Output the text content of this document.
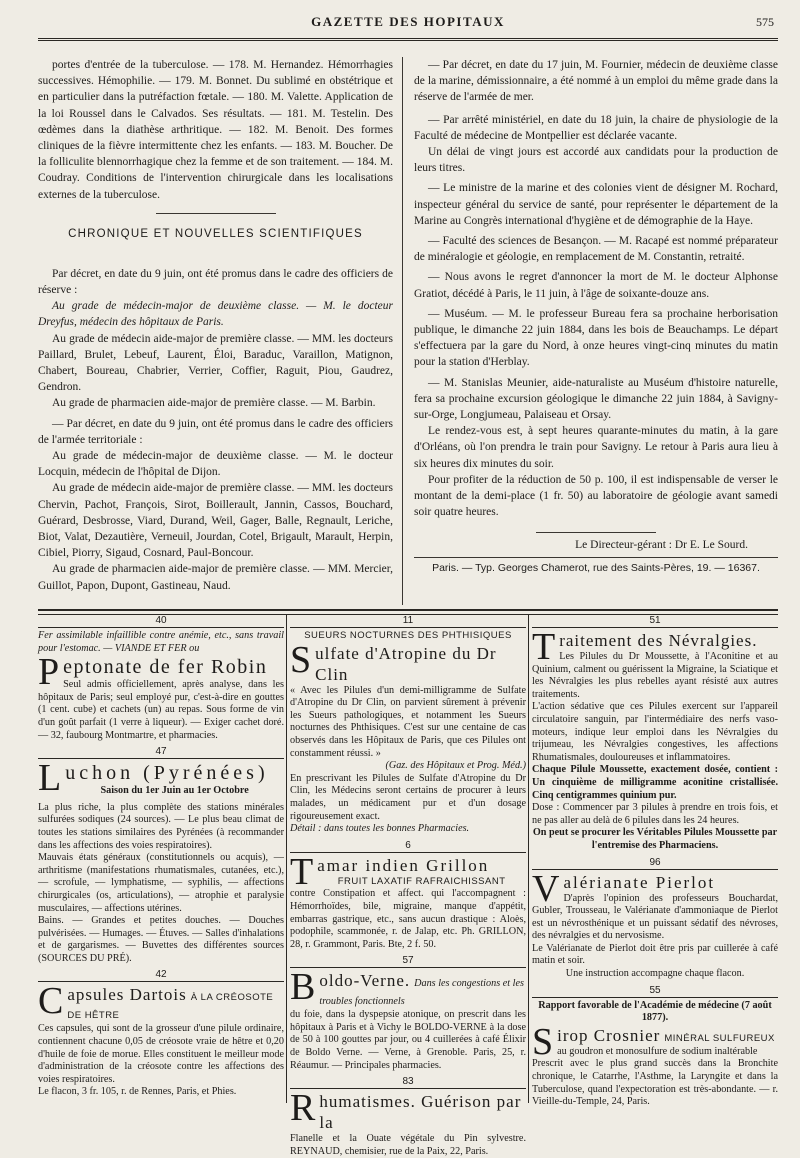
GAZETTE DES HOPITAUX	575

portes d'entrée de la tuberculose. — 178. M. Hernandez. Hémorrhagies successives. Hémophilie. — 179. M. Bonnet. Du sublimé en obstétrique et en particulier dans la putréfaction fœtale. — 180. M. Valette. Application de la loi Roussel dans le Calvados. Ses résultats. — 181. M. Testelin. Des œdèmes dans la diathèse arthritique. — 182. M. Benoit. Des formes cliniques de la fièvre intermittente chez les enfants. — 183. M. Boucher. De la folliculite blennorrhagique chez la femme et de son traitement. — 184. M. Coudray. Conditions de l'intervention chirurgicale dans les localisations externes de la tuberculose.

CHRONIQUE ET NOUVELLES SCIENTIFIQUES

Par décret, en date du 9 juin, ont été promus dans le cadre des officiers de réserve :

Au grade de médecin-major de deuxième classe. — M. le docteur Dreyfus, médecin des hôpitaux de Paris.

Au grade de médecin aide-major de première classe. — MM. les docteurs Paillard, Brulet, Lebeuf, Laurent, Éloi, Baraduc, Varaillon, Matignon, Chabert, Boureau, Chabrier, Verrier, Coffier, Raguit, Piou, Gaudrez, Gendron.

Au grade de pharmacien aide-major de première classe. — M. Barbin.

— Par décret, en date du 9 juin, ont été promus dans le cadre des officiers de l'armée territoriale :

Au grade de médecin-major de deuxième classe. — M. le docteur Locquin, médecin de l'hôpital de Dijon.

Au grade de médecin aide-major de première classe. — MM. les docteurs Chervin, Pachot, François, Sirot, Boillerault, Jannin, Cassos, Bouchard, Guérard, Desbrosse, Viard, Durand, Weil, Gager, Balle, Regnault, Leriche, Biot, Valat, Dezautière, Verneuil, Jourdan, Cotel, Brigault, Marault, Herpin, Cibiel, Piorry, Sigaud, Cosnard, Paul-Boncour.

Au grade de pharmacien aide-major de première classe. — MM. Mercier, Guillot, Papon, Dupont, Gastineau, Naud.

— Par décret, en date du 17 juin, M. Fournier, médecin de deuxième classe de la marine, démissionnaire, a été nommé à un emploi du même grade dans la réserve de l'armée de mer.

— Par arrêté ministériel, en date du 18 juin, la chaire de physiologie de la Faculté de médecine de Montpellier est déclarée vacante.

Un délai de vingt jours est accordé aux candidats pour la production de leurs titres.

— Le ministre de la marine et des colonies vient de désigner M. Rochard, inspecteur général du service de santé, pour représenter le département de la Marine au Congrès international d'hygiène et de démographie de la Haye.

— Faculté des sciences de Besançon. — M. Racapé est nommé préparateur de minéralogie et géologie, en remplacement de M. Constantin, retraité.

— Nous avons le regret d'annoncer la mort de M. le docteur Alphonse Gratiot, décédé à Paris, le 11 juin, à l'âge de soixante-douze ans.

— Muséum. — M. le professeur Bureau fera sa prochaine herborisation publique, le dimanche 22 juin 1884, dans les bois de Beauchamps. Le départ s'effectuera par la gare du Nord, à onze heures vingt-cinq minutes du matin pour la station d'Herblay.

— M. Stanislas Meunier, aide-naturaliste au Muséum d'histoire naturelle, fera sa prochaine excursion géologique le dimanche 22 juin 1884, à Savigny-sur-Orge, Longjumeau, Palaiseau et Orsay.

Le rendez-vous est, à sept heures quarante-minutes du matin, à la gare d'Orléans, où l'on prendra le train pour Savigny. Le retour à Paris aura lieu à six heures dix minutes du soir.

Pour profiter de la réduction de 50 p. 100, il est indispensable de verser le montant de la demi-place (1 fr. 50) au laboratoire de géologie avant samedi soir quatre heures.

Le Directeur-gérant : Dr E. Le Sourd.
Paris. — Typ. Georges Chamerot, rue des Saints-Pères, 19. — 16367.
40
Fer assimilable infaillible contre anémie, etc., sans travail pour l'estomac. — VIANDE ET FER ou
P eptonate de fer Robin
Seul admis officiellement, après analyse, dans les hôpitaux de Paris; seul employé pur, c'est-à-dire en gouttes (1 cent. cube) et cachets (un) au repas. Sous forme de vin d'un goût parfait (1 verre à liqueur). — Exiger cachet doré. — 32, faubourg Montmartre, et pharmacies.
47
L uchon (Pyrénées)
Saison du 1er Juin au 1er Octobre
La plus riche, la plus complète des stations minérales sulfurées sodiques (24 sources). — Le plus beau climat de toutes les stations similaires des Pyrénées (à recommander dans les affections des voies respiratoires).
Mauvais états généraux (constitutionnels ou acquis), — arthritisme (manifestations rhumatismales, cutanées, etc.), — scrofule, — lymphatisme, — syphilis, — affections chirurgicales (os, articulations), — atrophie et paralysie musculaires, — affections utérines.
Bains. — Grandes et petites douches. — Douches pulvérisées. — Humages. — Étuves. — Salles d'inhalations et de gargarismes. — Buvettes des différentes sources (SOURCES DU PRÉ).
42
C apsules Dartois À LA CRÉOSOTE DE HÊTRE
Ces capsules, qui sont de la grosseur d'une pilule ordinaire, contiennent chacune 0,05 de créosote vraie de hêtre et 0,20 d'huile de foie de morue. Elles constituent le meilleur mode d'administration de la créosote contre les affections des voies respiratoires.
Le flacon, 3 fr. 105, r. de Rennes, Paris, et Phies.
11
SUEURS NOCTURNES DES PHTHISIQUES
S ulfate d'Atropine du Dr Clin
« Avec les Pilules d'un demi-milligramme de Sulfate d'Atropine du Dr Clin, on parvient sûrement à prévenir les Sueurs pathologiques, et notamment les Sueurs nocturnes des Phthisiques. C'est sur une centaine de cas observés dans les Hôpitaux de Paris, que ces Pilules ont constamment réussi. »
(Gaz. des Hôpitaux et Prog. Méd.)
En prescrivant les Pilules de Sulfate d'Atropine du Dr Clin, les Médecins seront certains de procurer à leurs malades, un médicament pur et d'un dosage rigoureusement exact.
Détail : dans toutes les bonnes Pharmacies.
6
T amar indien Grillon
FRUIT LAXATIF RAFRAICHISSANT
contre Constipation et affect. qui l'accompagnent : Hémorrhoïdes, bile, migraine, manque d'appétit, embarras gastrique, etc., sans aucun drastique : Aloès, podophile, scammonée, r. de Jalap, etc. Ph. GRILLON, 28, r. Grammont, Paris. Bte, 2 f. 50.
57
B oldo-Verne. Dans les congestions et les troubles fonctionnels
du foie, dans la dyspepsie atonique, on prescrit dans les hôpitaux à Paris et à Vichy le BOLDO-VERNE à la dose de 50 à 100 gouttes par jour, ou 4 cuillerées à café Élixir de Boldo Verne. — Verne, à Grenoble. Paris, 25, r. Réaumur. — Principales pharmacies.
83
R humatismes. Guérison par la
Flanelle et la Ouate végétale du Pin sylvestre. REYNAUD, chemisier, rue de la Paix, 22, Paris.
51
T raitement des Névralgies.
Les Pilules du Dr Moussette, à l'Aconitine et au Quinium, calment ou guérissent la Migraine, la Sciatique et les Névralgies les plus rebelles ayant résisté aux autres traitements.
L'action sédative que ces Pilules exercent sur l'appareil circulatoire sanguin, par l'intermédiaire des nerfs vaso-moteurs, indique leur emploi dans les Névralgies du trijumeau, les Névralgies congestives, les affections Rhumatismales, douloureuses et inflammatoires.
Chaque Pilule Moussette, exactement dosée, contient : Un cinquième de milligramme aconitine cristallisée. Cinq centigrammes quinium pur.
Dose : Commencer par 3 pilules à prendre en trois fois, et ne pas aller au delà de 6 pilules dans les 24 heures.
On peut se procurer les Véritables Pilules Moussette par l'entremise des Pharmaciens.
96
V alérianate Pierlot
D'après l'opinion des professeurs Bouchardat, Gubler, Trousseau, le Valérianate d'ammoniaque de Pierlot est un névrosthénique et un puissant sédatif des névroses, des névralgies et du nervosisme.
Le Valérianate de Pierlot doit être pris par cuillerée à café matin et soir.
Une instruction accompagne chaque flacon.
55
Rapport favorable de l'Académie de médecine (7 août 1877).
S irop Crosnier MINÉRAL SULFUREUX
au goudron et monosulfure de sodium inaltérable
Prescrit avec le plus grand succès dans la Bronchite chronique, le Catarrhe, l'Asthme, la Laryngite et dans la Tuberculose, quand l'expectoration est très-abondante. — r. Vieille-du-Temple, 24, Paris.
